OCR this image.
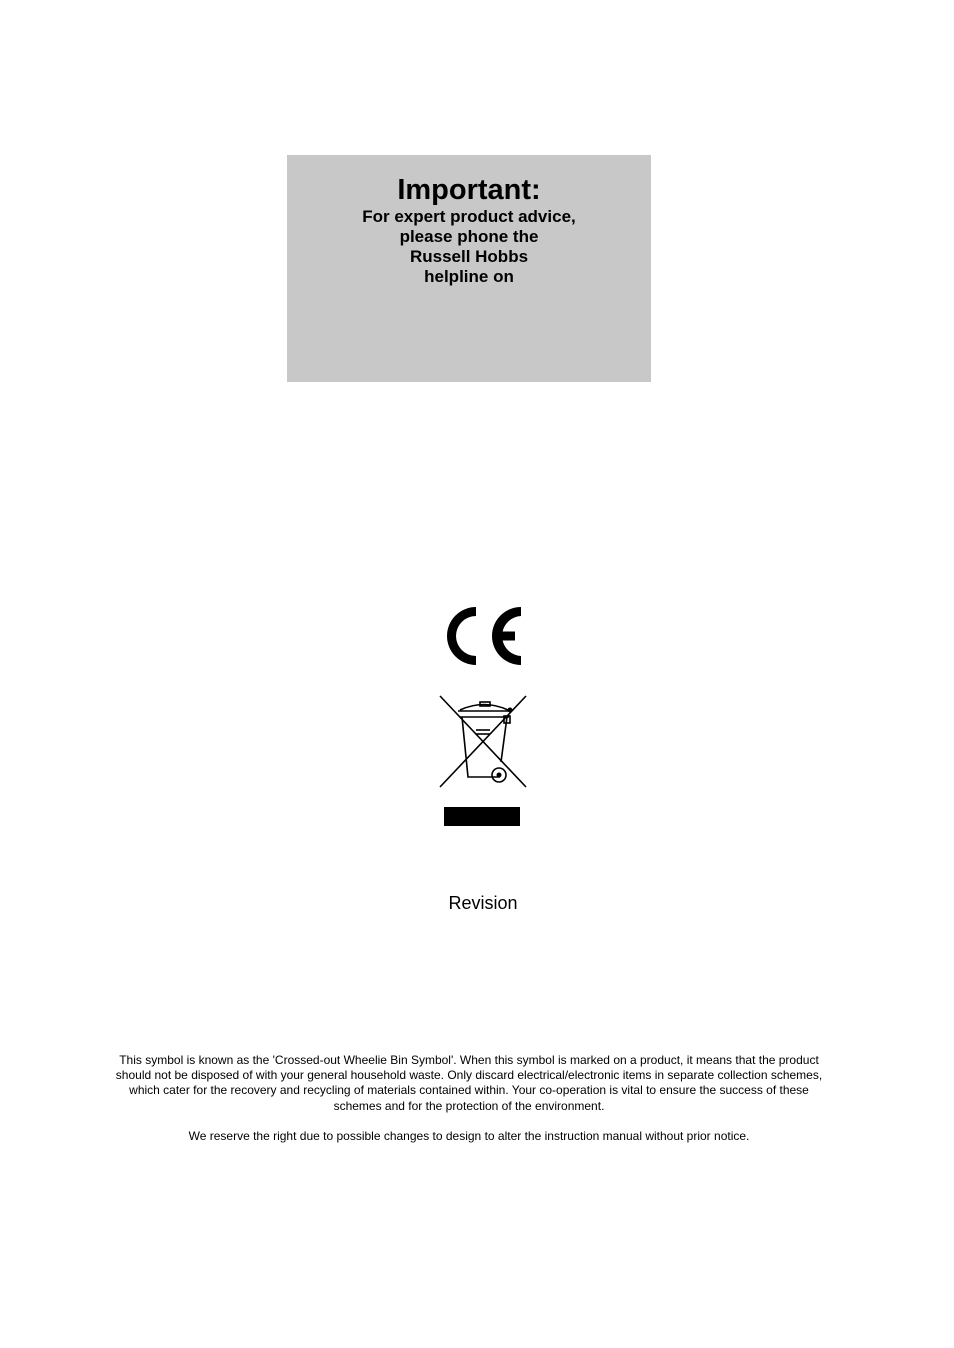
Important:
For expert product advice,
please phone the
Russell Hobbs
helpline on
Revision
This symbol is known as the 'Crossed-out Wheelie Bin Symbol'. When this symbol is marked on a product, it means that the product
should not be disposed of with your general household waste. Only discard electrical/electronic items in separate collection schemes,
which cater for the recovery and recycling of materials contained within. Your co-operation is vital to ensure the success of these
schemes and for the protection of the environment.
We reserve the right due to possible changes to design to alter the instruction manual without prior notice.
